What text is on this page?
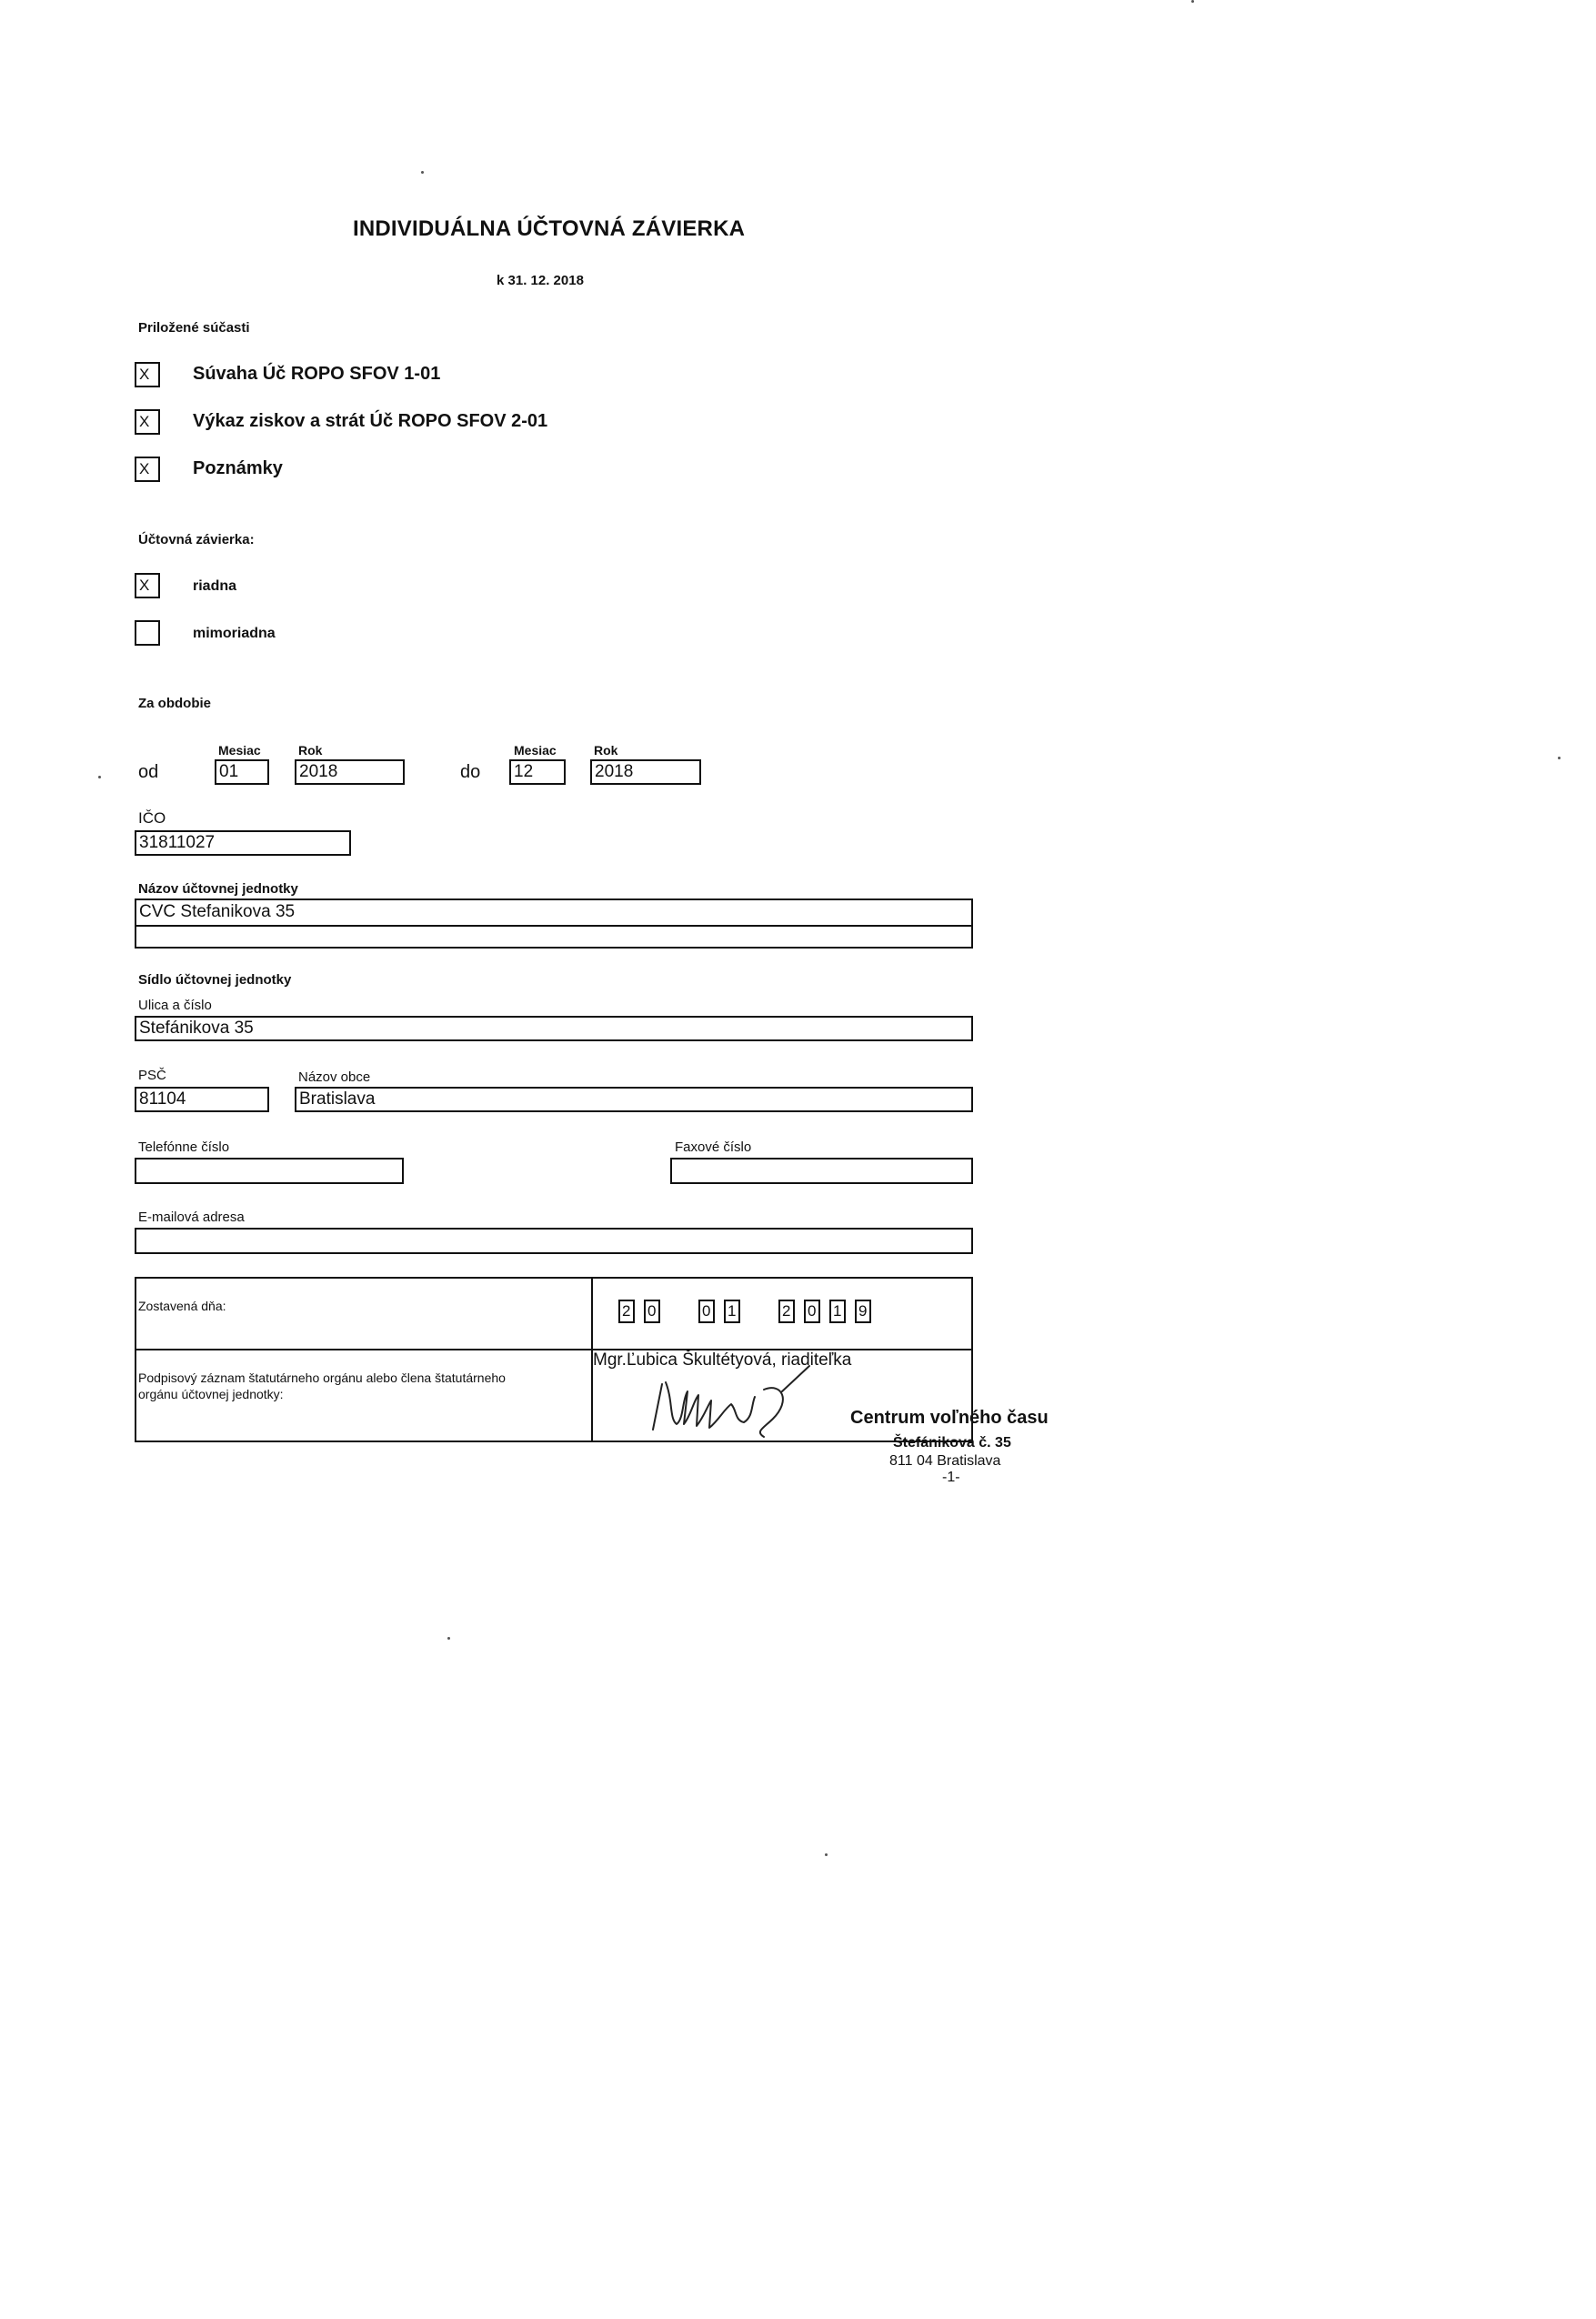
INDIVIDUÁLNA ÚČTOVNÁ ZÁVIERKA
k 31. 12. 2018
Priložené súčasti
X	Súvaha Úč ROPO SFOV 1-01
X	Výkaz ziskov a strát Úč ROPO SFOV 2-01
X	Poznámky
Účtovná závierka:
X	riadna
mimoriadna
Za obdobie
Mesiac	Rok	Mesiac	Rok
od	01	2018	do 12	2018
IČO
31811027
Názov účtovnej jednotky
CVC Stefanikova 35
Sídlo účtovnej jednotky
Ulica a číslo
Stefánikova 35
PSČ	Názov obce
81104	Bratislava
Telefónne číslo	Faxové číslo
E-mailová adresa
Zostavená dňa:	2 0	0 1	2 0 1 9
Podpisový záznam štatutárneho orgánu alebo člena štatutárneho
orgánu účtovnej jednotky:
Mgr.Ľubica Škultétyová, riaditeľka
Centrum voľného času
Štefánikova č. 35
811 04 Bratislava
-1-
